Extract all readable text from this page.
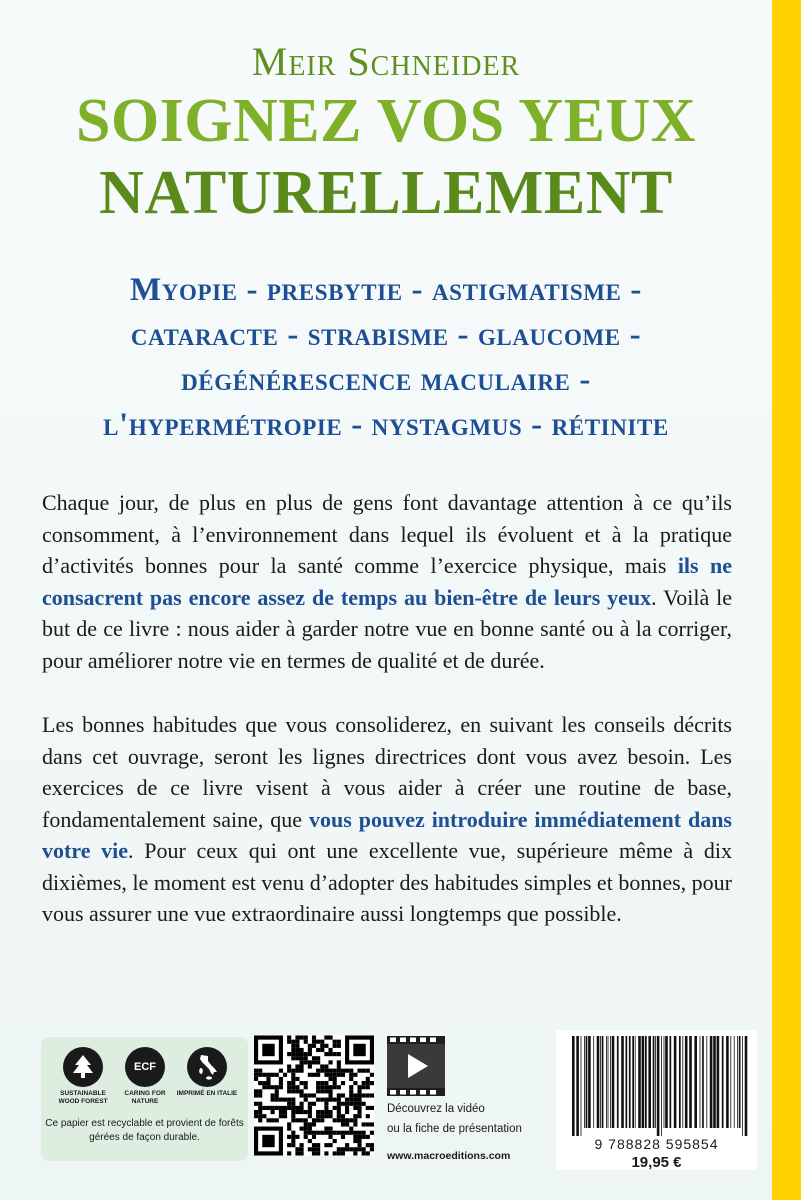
Meir Schneider
SOIGNEZ VOS YEUX
NATURELLEMENT
Myopie - presbytie - astigmatisme -
cataracte - strabisme - glaucome -
dégénérescence maculaire -
l'hypermétropie - nystagmus - rétinite

Chaque jour, de plus en plus de gens font davantage attention à ce qu’ils consomment, à l’environnement dans lequel ils évoluent et à la pratique d’activités bonnes pour la santé comme l’exercice physique, mais ils ne consacrent pas encore assez de temps au bien-être de leurs yeux. Voilà le but de ce livre : nous aider à garder notre vue en bonne santé ou à la corriger, pour améliorer notre vie en termes de qualité et de durée.

Les bonnes habitudes que vous consoliderez, en suivant les conseils décrits dans cet ouvrage, seront les lignes directrices dont vous avez besoin. Les exercices de ce livre visent à vous aider à créer une routine de base, fondamentalement saine, que vous pouvez introduire immédiatement dans votre vie. Pour ceux qui ont une excellente vue, supérieure même à dix dixièmes, le moment est venu d’adopter des habitudes simples et bonnes, pour vous assurer une vue extraordinaire aussi longtemps que possible.

ECF
SUSTAINABLE WOOD FOREST
CARING FOR NATURE
IMPRIMÉ EN ITALIE
Ce papier est recyclable et provient de forêts gérées de façon durable.
Découvrez la vidéo
ou la fiche de présentation
www.macroeditions.com
9 788828 595854
19,95 €
